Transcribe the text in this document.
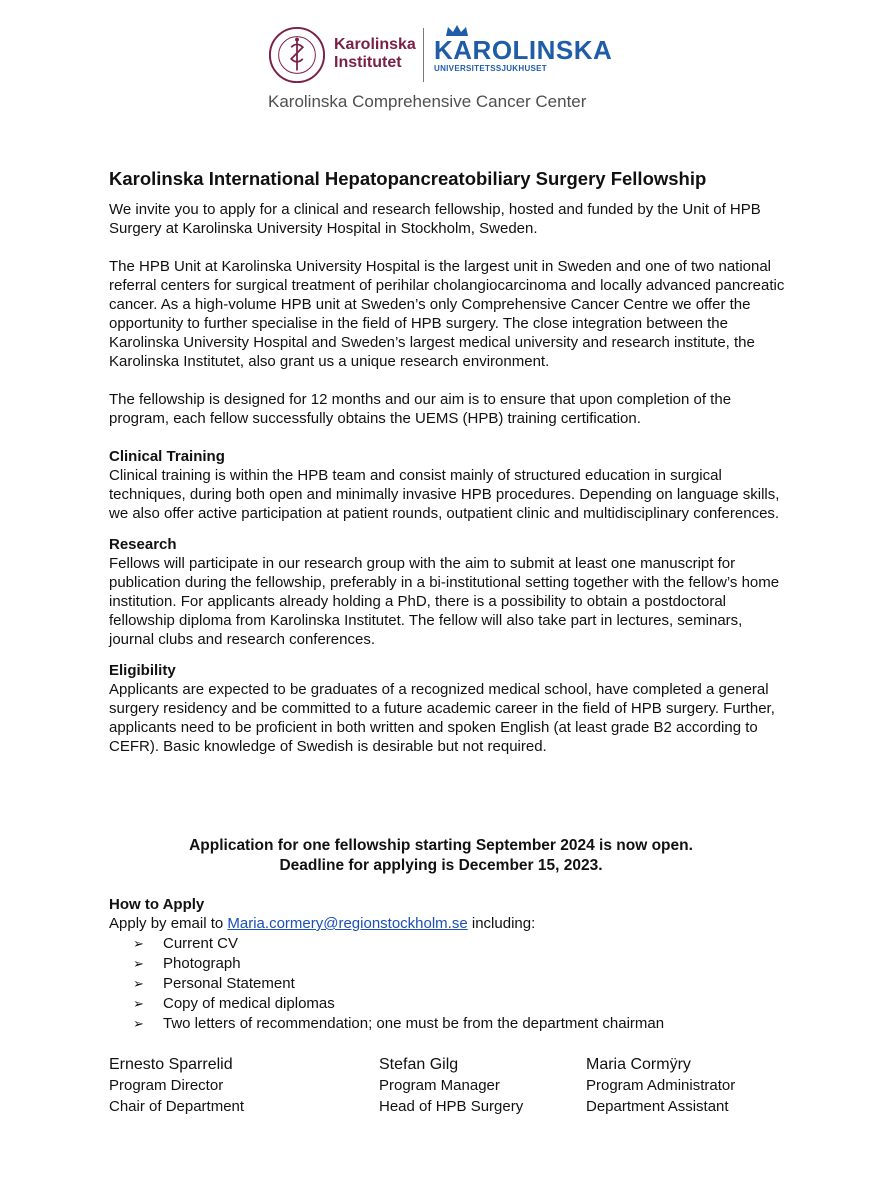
Karolinska
Institutet	KAROLINSKA
UNIVERSITETSSJUKHUSET
Karolinska Comprehensive Cancer Center
Karolinska International Hepatopancreatobiliary Surgery Fellowship

We invite you to apply for a clinical and research fellowship, hosted and funded by the Unit of HPB Surgery at Karolinska University Hospital in Stockholm, Sweden.

The HPB Unit at Karolinska University Hospital is the largest unit in Sweden and one of two national referral centers for surgical treatment of perihilar cholangiocarcinoma and locally advanced pancreatic cancer. As a high-volume HPB unit at Sweden’s only Comprehensive Cancer Centre we offer the opportunity to further specialise in the field of HPB surgery. The close integration between the Karolinska University Hospital and Sweden’s largest medical university and research institute, the Karolinska Institutet, also grant us a unique research environment.

The fellowship is designed for 12 months and our aim is to ensure that upon completion of the program, each fellow successfully obtains the UEMS (HPB) training certification.

Clinical Training

Clinical training is within the HPB team and consist mainly of structured education in surgical techniques, during both open and minimally invasive HPB procedures. Depending on language skills, we also offer active participation at patient rounds, outpatient clinic and multidisciplinary conferences.

Research

Fellows will participate in our research group with the aim to submit at least one manuscript for publication during the fellowship, preferably in a bi-institutional setting together with the fellow’s home institution. For applicants already holding a PhD, there is a possibility to obtain a postdoctoral fellowship diploma from Karolinska Institutet. The fellow will also take part in lectures, seminars, journal clubs and research conferences.

Eligibility

Applicants are expected to be graduates of a recognized medical school, have completed a general surgery residency and be committed to a future academic career in the field of HPB surgery. Further, applicants need to be proficient in both written and spoken English (at least grade B2 according to CEFR). Basic knowledge of Swedish is desirable but not required.

Application for one fellowship starting September 2024 is now open.
Deadline for applying is December 15, 2023.
How to Apply
Apply by email to Maria.cormery@regionstockholm.se including:
➢ Current CV
➢ Photograph
➢ Personal Statement
➢ Copy of medical diplomas
➢ Two letters of recommendation; one must be from the department chairman
Ernesto Sparrelid
Program Director
Chair of Department
Stefan Gilg
Program Manager
Head of HPB Surgery
Maria Cormÿry
Program Administrator
Department Assistant
